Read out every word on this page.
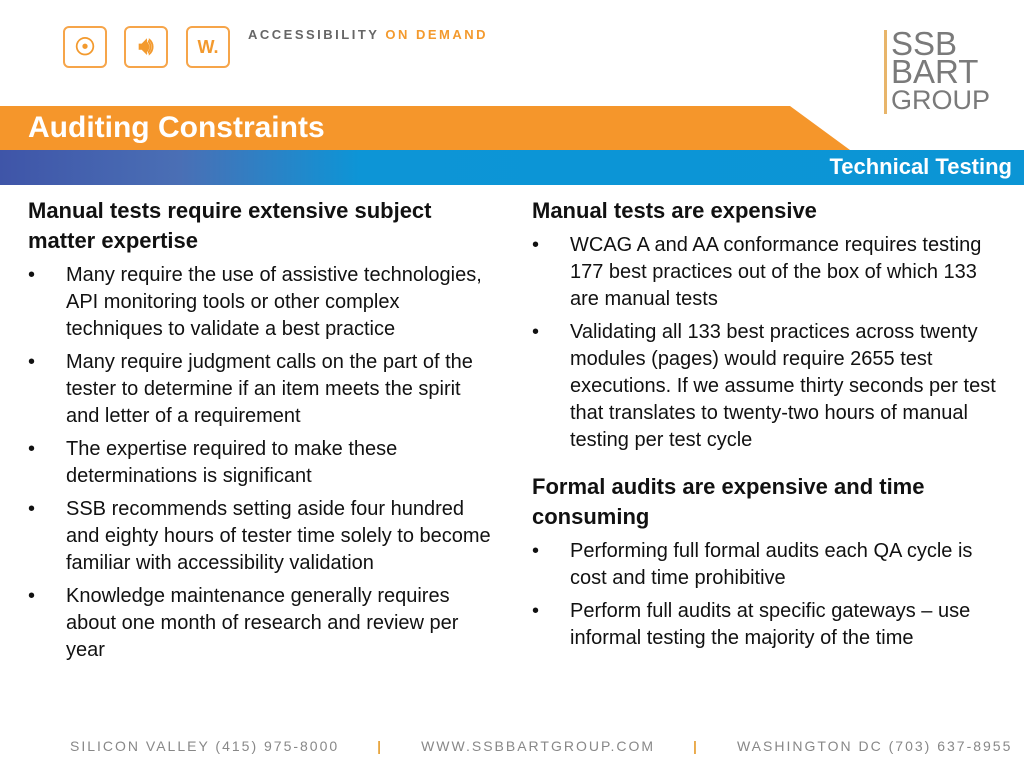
☉	🔊︎	W.
ACCESSIBILITY ON DEMAND	SSB
BART
GROUP
Auditing Constraints
Technical Testing
Manual tests require extensive subject matter expertise
• Many require the use of assistive technologies, API monitoring tools or other complex techniques to validate a best practice
• Many require judgment calls on the part of the tester to determine if an item meets the spirit and letter of a requirement
• The expertise required to make these determinations is significant
• SSB recommends setting aside four hundred and eighty hours of tester time solely to become familiar with accessibility validation
• Knowledge maintenance generally requires about one month of research and review per year
Manual tests are expensive
• WCAG A and AA conformance requires testing 177 best practices out of the box of which 133 are manual tests
• Validating all 133 best practices across twenty modules (pages) would require 2655 test executions. If we assume thirty seconds per test that translates to twenty-two hours of manual testing per test cycle
Formal audits are expensive and time consuming
• Performing full formal audits each QA cycle is cost and time prohibitive
• Perform full audits at specific gateways – use informal testing the majority of the time
SILICON VALLEY (415) 975-8000	|	WWW.SSBBARTGROUP.COM	|	WASHINGTON DC (703) 637-8955
